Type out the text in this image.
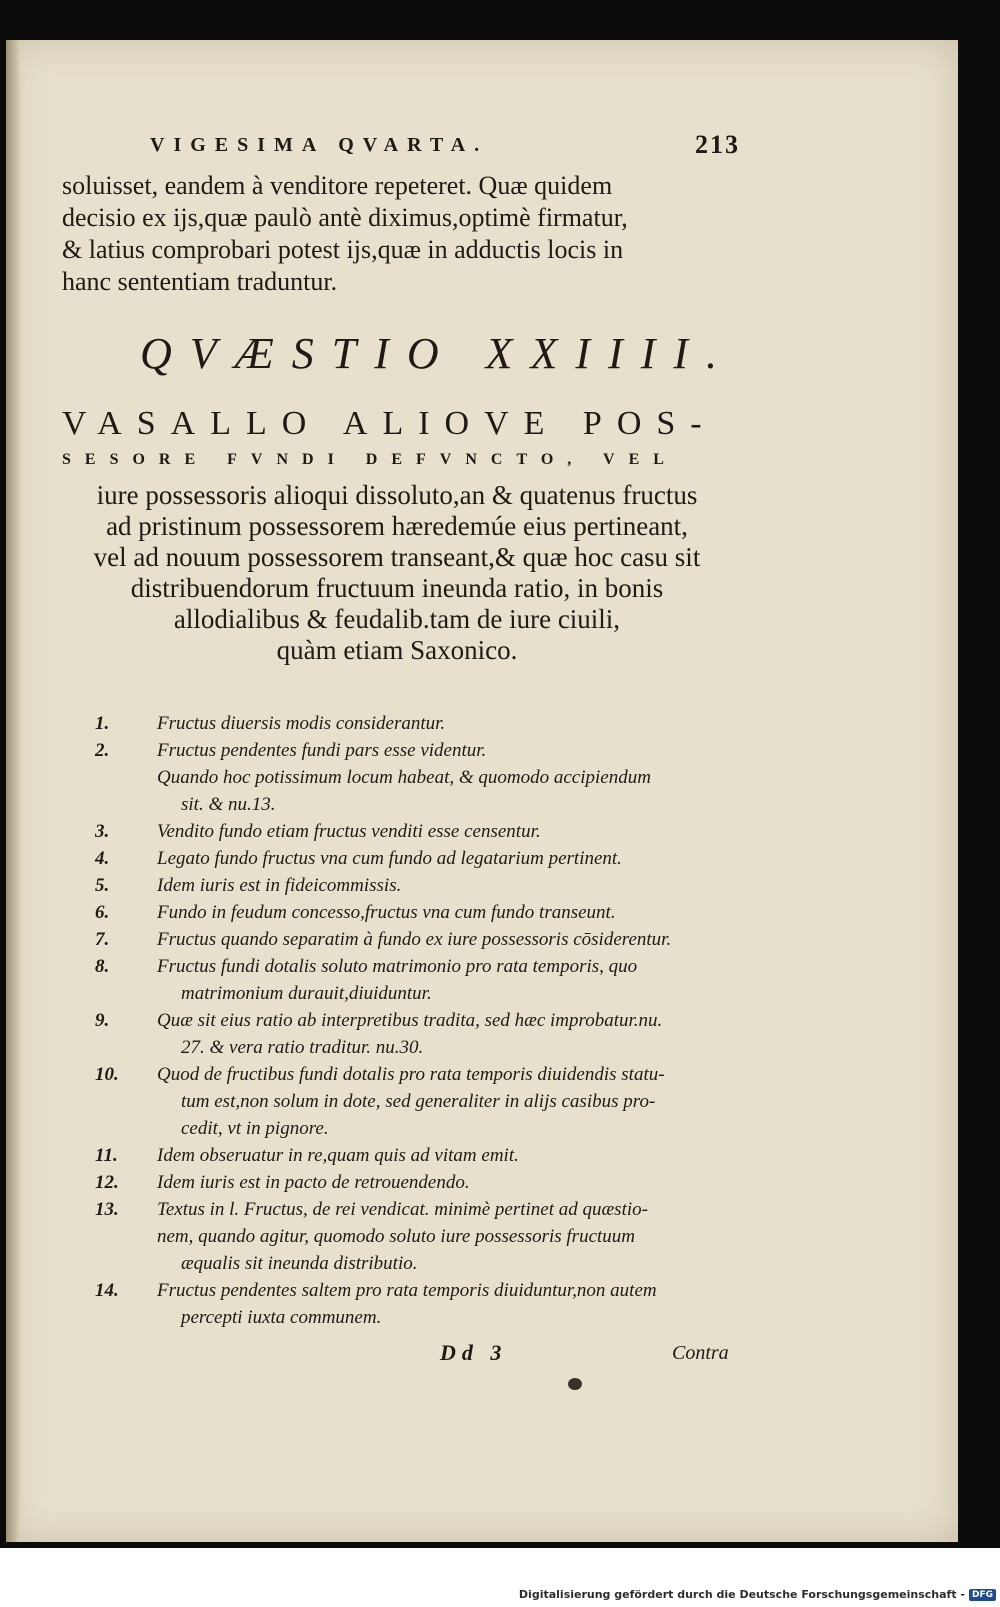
VIGESIMA QVARTA.	213
soluisset, eandem à venditore repeteret. Quæ quidem
decisio ex ijs,quæ paulò antè diximus,optimè firmatur,
& latius comprobari potest ijs,quæ in adductis locis in
hanc sententiam traduntur.
QVÆSTIO XXIIII.
VASALLO ALIOVE POS-
SESORE FVNDI DEFVNCTO, VEL
iure possessoris alioqui dissoluto,an & quatenus fructus
ad pristinum possessorem hæredemúe eius pertineant,
vel ad nouum possessorem transeant,& quæ hoc casu sit
distribuendorum fructuum ineunda ratio, in bonis
allodialibus & feudalib.tam de iure ciuili,
quàm etiam Saxonico.
1.	Fructus diuersis modis considerantur.
2.	Fructus pendentes fundi pars esse videntur.
Quando hoc potissimum locum habeat, & quomodo accipiendum
sit. & nu.13.
3.	Vendito fundo etiam fructus venditi esse censentur.
4.	Legato fundo fructus vna cum fundo ad legatarium pertinent.
5.	Idem iuris est in fideicommissis.
6.	Fundo in feudum concesso,fructus vna cum fundo transeunt.
7.	Fructus quando separatim à fundo ex iure possessoris cōsiderentur.
8.	Fructus fundi dotalis soluto matrimonio pro rata temporis, quo
matrimonium durauit,diuiduntur.
9.	Quæ sit eius ratio ab interpretibus tradita, sed hæc improbatur.nu.
27. & vera ratio traditur. nu.30.
10.	Quod de fructibus fundi dotalis pro rata temporis diuidendis statu-
tum est,non solum in dote, sed generaliter in alijs casibus pro-
cedit, vt in pignore.
11.	Idem obseruatur in re,quam quis ad vitam emit.
12.	Idem iuris est in pacto de retrouendendo.
13.	Textus in l. Fructus, de rei vendicat. minimè pertinet ad quæstio-
nem, quando agitur, quomodo soluto iure possessoris fructuum
æqualis sit ineunda distributio.
14.	Fructus pendentes saltem pro rata temporis diuiduntur,non autem
percepti iuxta communem.
Dd 3	Contra
Digitalisierung gefördert durch die Deutsche Forschungsgemeinschaft - DFG
